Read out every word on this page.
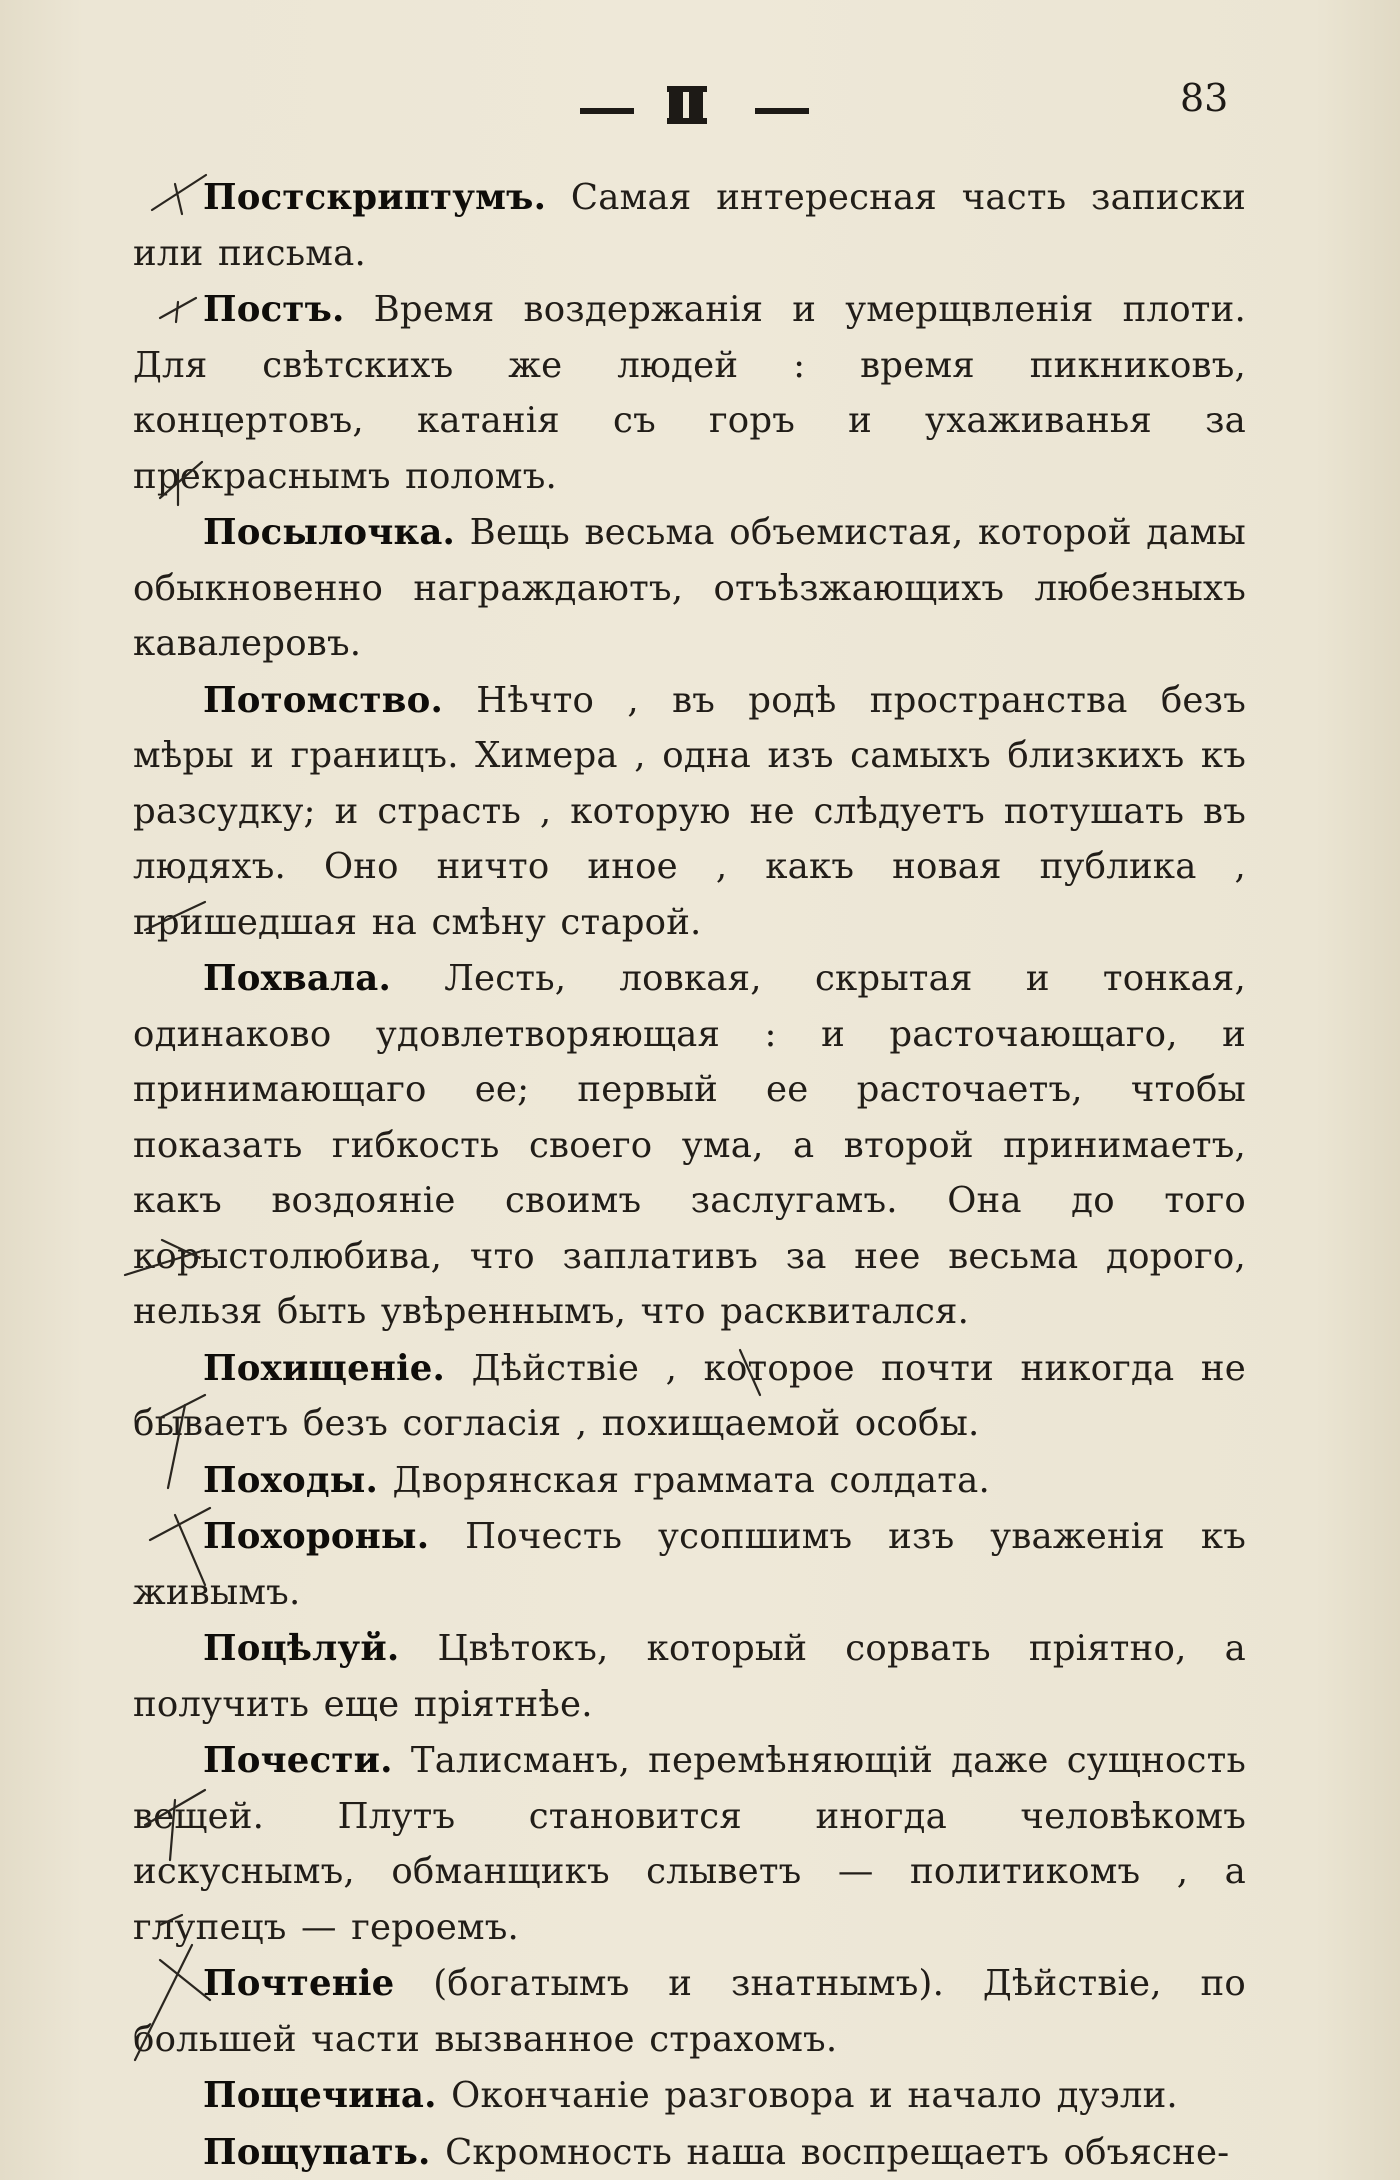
83

Постскриптумъ. Самая интересная часть записки или письма.

Постъ. Время воздержанія и умерщвленія плоти. Для свѣтскихъ же людей : время пикниковъ, концертовъ, катанія съ горъ и ухаживанья за прекраснымъ поломъ.

Посылочка. Вещь весьма объемистая, которой дамы обыкновенно награждаютъ, отъѣзжающихъ любезныхъ кавалеровъ.

Потомство. Нѣчто , въ родѣ пространства безъ мѣры и границъ. Химера , одна изъ самыхъ близкихъ къ разсудку; и страсть , которую не слѣдуетъ потушать въ людяхъ. Оно ничто иное , какъ новая публика , пришедшая на смѣну старой.

Похвала. Лесть, ловкая, скрытая и тонкая, одинаково удовлетворяющая : и расточающаго, и принимающаго ее; первый ее расточаетъ, чтобы показать гибкость своего ума, а второй принимаетъ, какъ воздояніе своимъ заслугамъ. Она до того корыстолюбива, что заплативъ за нее весьма дорого, нельзя быть увѣреннымъ, что расквитался.

Похищеніе. Дѣйствіе , которое почти никогда не бываетъ безъ согласія , похищаемой особы.

Походы. Дворянская граммата солдата.

Похороны. Почесть усопшимъ изъ уваженія къ живымъ.

Поцѣлуй. Цвѣтокъ, который сорвать пріятно, а получить еще пріятнѣе.

Почести. Талисманъ, перемѣняющій даже сущность вещей. Плутъ становится иногда человѣкомъ искуснымъ, обманщикъ слыветъ — политикомъ , а глупецъ — героемъ.

Почтеніе (богатымъ и знатнымъ). Дѣйствіе, по большей части вызванное страхомъ.

Пощечина. Окончаніе разговора и начало дуэли.

Пощупать. Скромность наша воспрещаетъ объясне-
